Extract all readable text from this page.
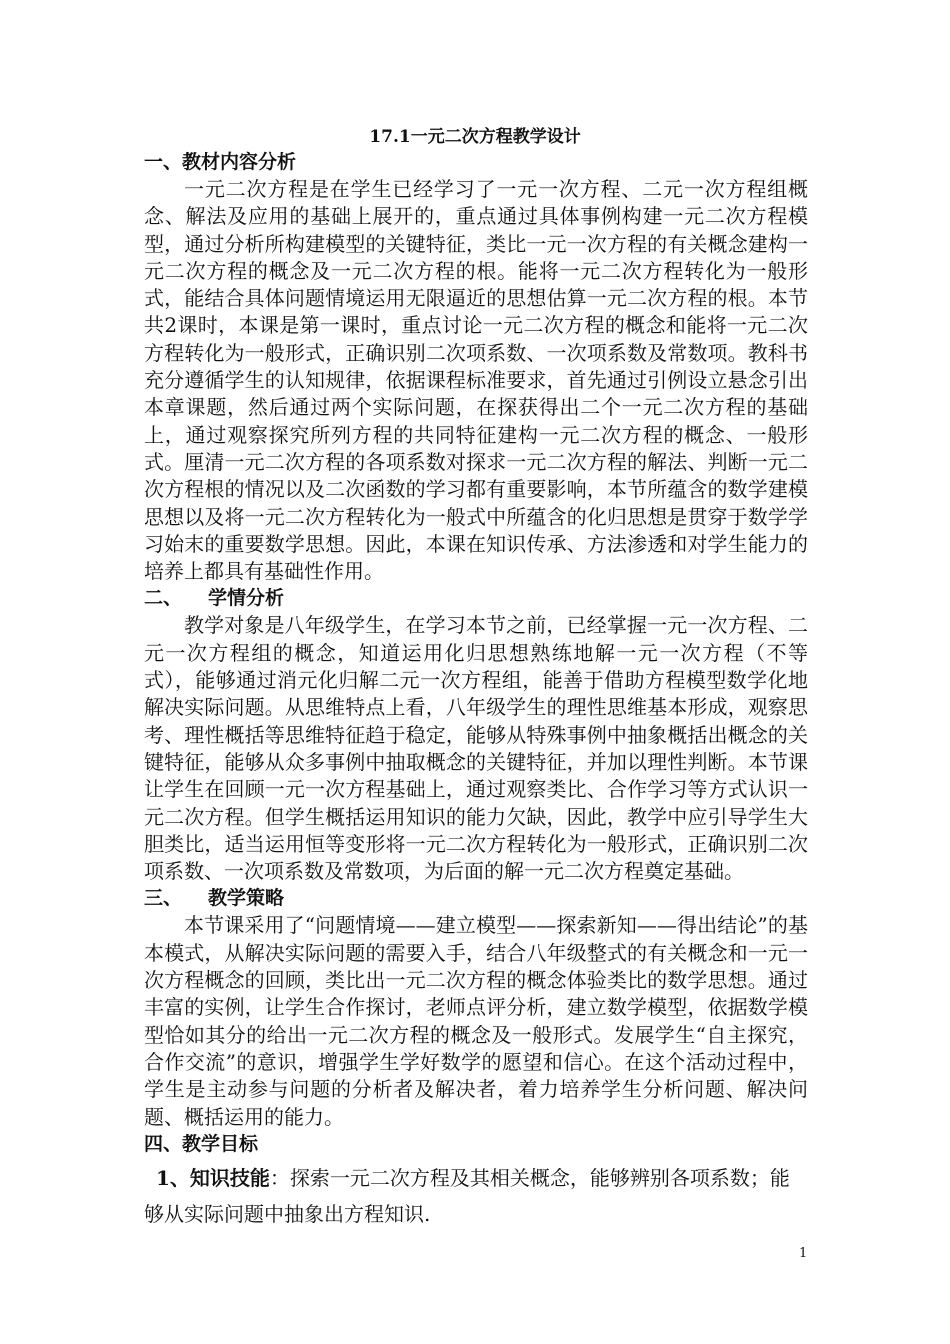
17.1一元二次方程教学设计
一、教材内容分析

一元二次方程是在学生已经学习了一元一次方程、二元一次方程组概念、解法及应用的基础上展开的，重点通过具体事例构建一元二次方程模型，通过分析所构建模型的关键特征，类比一元一次方程的有关概念建构一元二次方程的概念及一元二次方程的根。能将一元二次方程转化为一般形式，能结合具体问题情境运用无限逼近的思想估算一元二次方程的根。本节共2课时，本课是第一课时，重点讨论一元二次方程的概念和能将一元二次方程转化为一般形式，正确识别二次项系数、一次项系数及常数项。教科书充分遵循学生的认知规律，依据课程标准要求，首先通过引例设立悬念引出本章课题，然后通过两个实际问题，在探获得出二个一元二次方程的基础上，通过观察探究所列方程的共同特征建构一元二次方程的概念、一般形式。厘清一元二次方程的各项系数对探求一元二次方程的解法、判断一元二次方程根的情况以及二次函数的学习都有重要影响，本节所蕴含的数学建模思想以及将一元二次方程转化为一般式中所蕴含的化归思想是贯穿于数学学习始末的重要数学思想。因此，本课在知识传承、方法渗透和对学生能力的培养上都具有基础性作用。

二、 学情分析

教学对象是八年级学生，在学习本节之前，已经掌握一元一次方程、二元一次方程组的概念，知道运用化归思想熟练地解一元一次方程（不等式），能够通过消元化归解二元一次方程组，能善于借助方程模型数学化地解决实际问题。从思维特点上看，八年级学生的理性思维基本形成，观察思考、理性概括等思维特征趋于稳定，能够从特殊事例中抽象概括出概念的关键特征，能够从众多事例中抽取概念的关键特征，并加以理性判断。本节课让学生在回顾一元一次方程基础上，通过观察类比、合作学习等方式认识一元二次方程。但学生概括运用知识的能力欠缺，因此，教学中应引导学生大胆类比，适当运用恒等变形将一元二次方程转化为一般形式，正确识别二次项系数、一次项系数及常数项，为后面的解一元二次方程奠定基础。

三、 教学策略

本节课采用了“问题情境——建立模型——探索新知——得出结论”的基本模式，从解决实际问题的需要入手，结合八年级整式的有关概念和一元一次方程概念的回顾，类比出一元二次方程的概念体验类比的数学思想。通过丰富的实例，让学生合作探讨，老师点评分析，建立数学模型，依据数学模型恰如其分的给出一元二次方程的概念及一般形式。发展学生“自主探究，合作交流”的意识，增强学生学好数学的愿望和信心。在这个活动过程中，学生是主动参与问题的分析者及解决者，着力培养学生分析问题、解决问题、概括运用的能力。

四、教学目标

1、知识技能：探索一元二次方程及其相关概念，能够辨别各项系数；能够从实际问题中抽象出方程知识.

1
